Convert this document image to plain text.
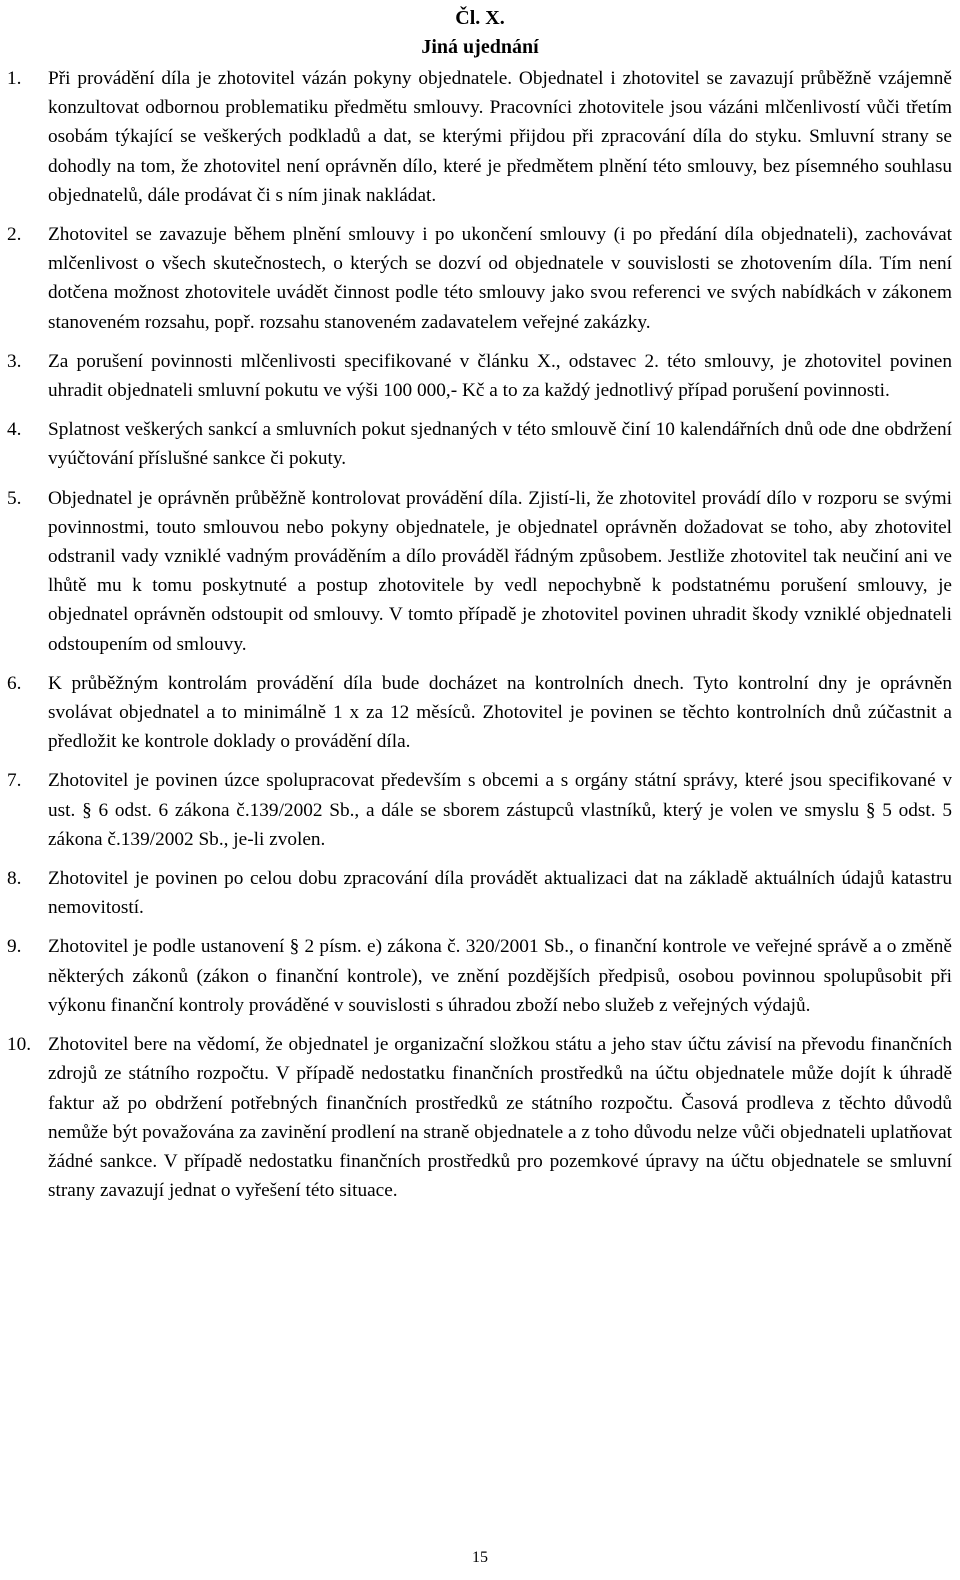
Čl. X.
Jiná ujednání
1. Při provádění díla je zhotovitel vázán pokyny objednatele. Objednatel i zhotovitel se zavazují průběžně vzájemně konzultovat odbornou problematiku předmětu smlouvy. Pracovníci zhotovitele jsou vázáni mlčenlivostí vůči třetím osobám týkající se veškerých podkladů a dat, se kterými přijdou při zpracování díla do styku. Smluvní strany se dohodly na tom, že zhotovitel není oprávněn dílo, které je předmětem plnění této smlouvy, bez písemného souhlasu objednatelů, dále prodávat či s ním jinak nakládat.
2. Zhotovitel se zavazuje během plnění smlouvy i po ukončení smlouvy (i po předání díla objednateli), zachovávat mlčenlivost o všech skutečnostech, o kterých se dozví od objednatele v souvislosti se zhotovením díla. Tím není dotčena možnost zhotovitele uvádět činnost podle této smlouvy jako svou referenci ve svých nabídkách v zákonem stanoveném rozsahu, popř. rozsahu stanoveném zadavatelem veřejné zakázky.
3. Za porušení povinnosti mlčenlivosti specifikované v článku X., odstavec 2. této smlouvy, je zhotovitel povinen uhradit objednateli smluvní pokutu ve výši 100 000,- Kč a to za každý jednotlivý případ porušení povinnosti.
4. Splatnost veškerých sankcí a smluvních pokut sjednaných v této smlouvě činí 10 kalendářních dnů ode dne obdržení vyúčtování příslušné sankce či pokuty.
5. Objednatel je oprávněn průběžně kontrolovat provádění díla. Zjistí-li, že zhotovitel provádí dílo v rozporu se svými povinnostmi, touto smlouvou nebo pokyny objednatele, je objednatel oprávněn dožadovat se toho, aby zhotovitel odstranil vady vzniklé vadným prováděním a dílo prováděl řádným způsobem. Jestliže zhotovitel tak neučiní ani ve lhůtě mu k tomu poskytnuté a postup zhotovitele by vedl nepochybně k podstatnému porušení smlouvy, je objednatel oprávněn odstoupit od smlouvy. V tomto případě je zhotovitel povinen uhradit škody vzniklé objednateli odstoupením od smlouvy.
6. K průběžným kontrolám provádění díla bude docházet na kontrolních dnech. Tyto kontrolní dny je oprávněn svolávat objednatel a to minimálně 1 x za 12 měsíců. Zhotovitel je povinen se těchto kontrolních dnů zúčastnit a předložit ke kontrole doklady o provádění díla.
7. Zhotovitel je povinen úzce spolupracovat především s obcemi a s orgány státní správy, které jsou specifikované v ust. § 6 odst. 6 zákona č.139/2002 Sb., a dále se sborem zástupců vlastníků, který je volen ve smyslu § 5 odst. 5 zákona č.139/2002 Sb., je-li zvolen.
8. Zhotovitel je povinen po celou dobu zpracování díla provádět aktualizaci dat na základě aktuálních údajů katastru nemovitostí.
9. Zhotovitel je podle ustanovení § 2 písm. e) zákona č. 320/2001 Sb., o finanční kontrole ve veřejné správě a o změně některých zákonů (zákon o finanční kontrole), ve znění pozdějších předpisů, osobou povinnou spolupůsobit při výkonu finanční kontroly prováděné v souvislosti s úhradou zboží nebo služeb z veřejných výdajů.
10. Zhotovitel bere na vědomí, že objednatel je organizační složkou státu a jeho stav účtu závisí na převodu finančních zdrojů ze státního rozpočtu. V případě nedostatku finančních prostředků na účtu objednatele může dojít k úhradě faktur až po obdržení potřebných finančních prostředků ze státního rozpočtu. Časová prodleva z těchto důvodů nemůže být považována za zavinění prodlení na straně objednatele a z toho důvodu nelze vůči objednateli uplatňovat žádné sankce. V případě nedostatku finančních prostředků pro pozemkové úpravy na účtu objednatele se smluvní strany zavazují jednat o vyřešení této situace.
15
